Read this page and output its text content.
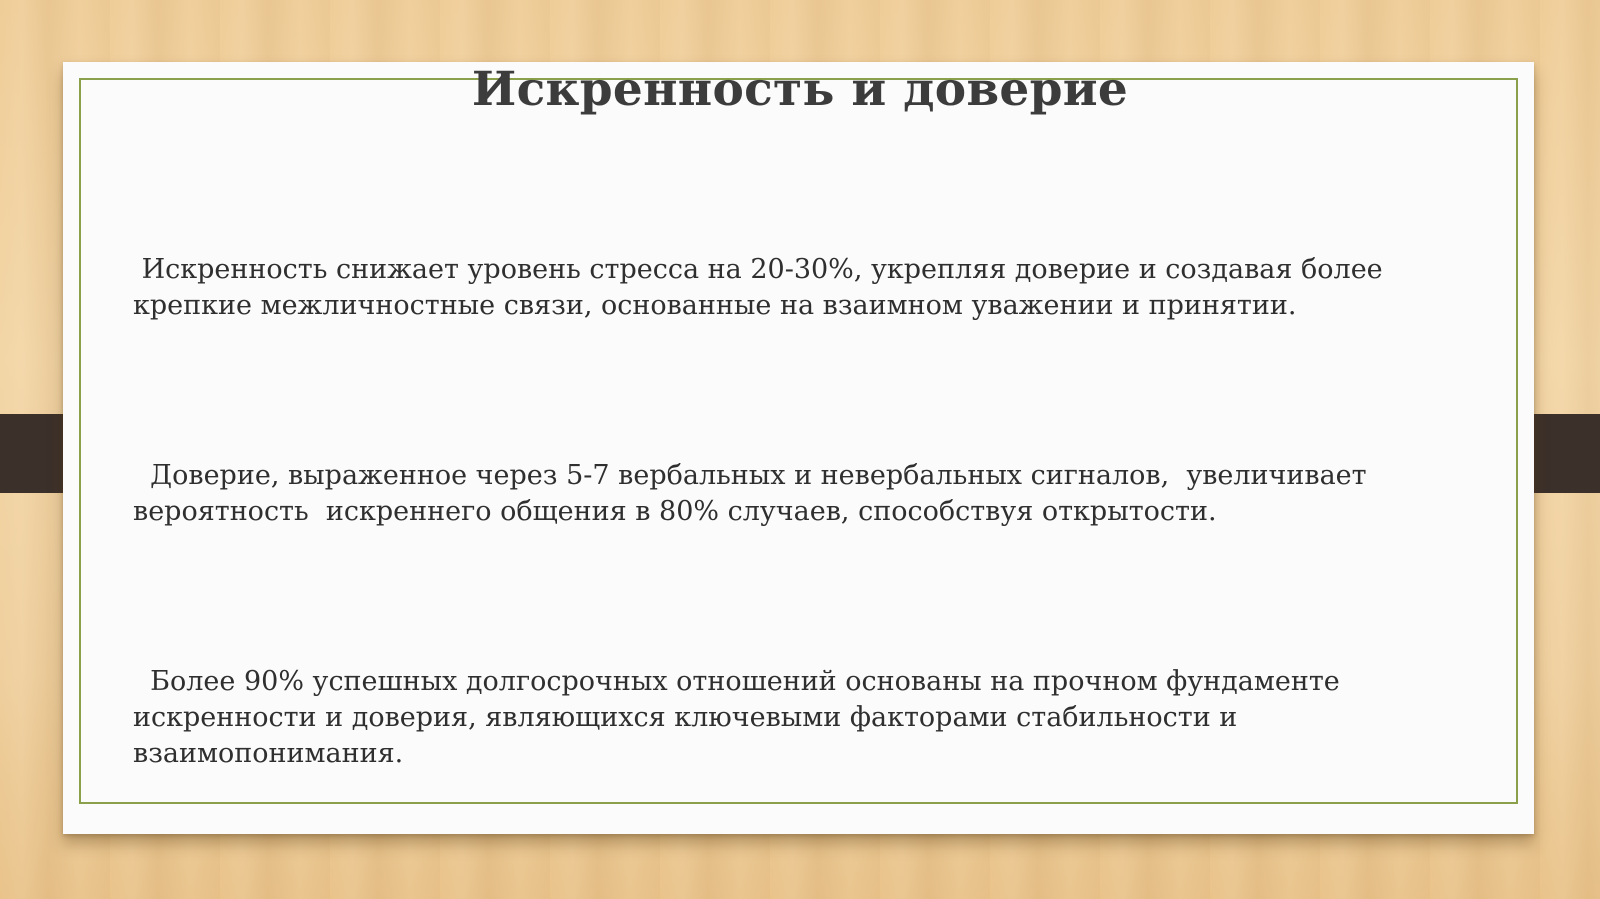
Искренность и доверие
Искренность снижает уровень стресса на 20-30%, укрепляя доверие и создавая более крепкие межличностные связи, основанные на взаимном уважении и принятии.
Доверие, выраженное через 5-7 вербальных и невербальных сигналов,  увеличивает вероятность  искреннего общения в 80% случаев, способствуя открытости.
Более 90% успешных долгосрочных отношений основаны на прочном фундаменте искренности и доверия, являющихся ключевыми факторами стабильности и взаимопонимания.
